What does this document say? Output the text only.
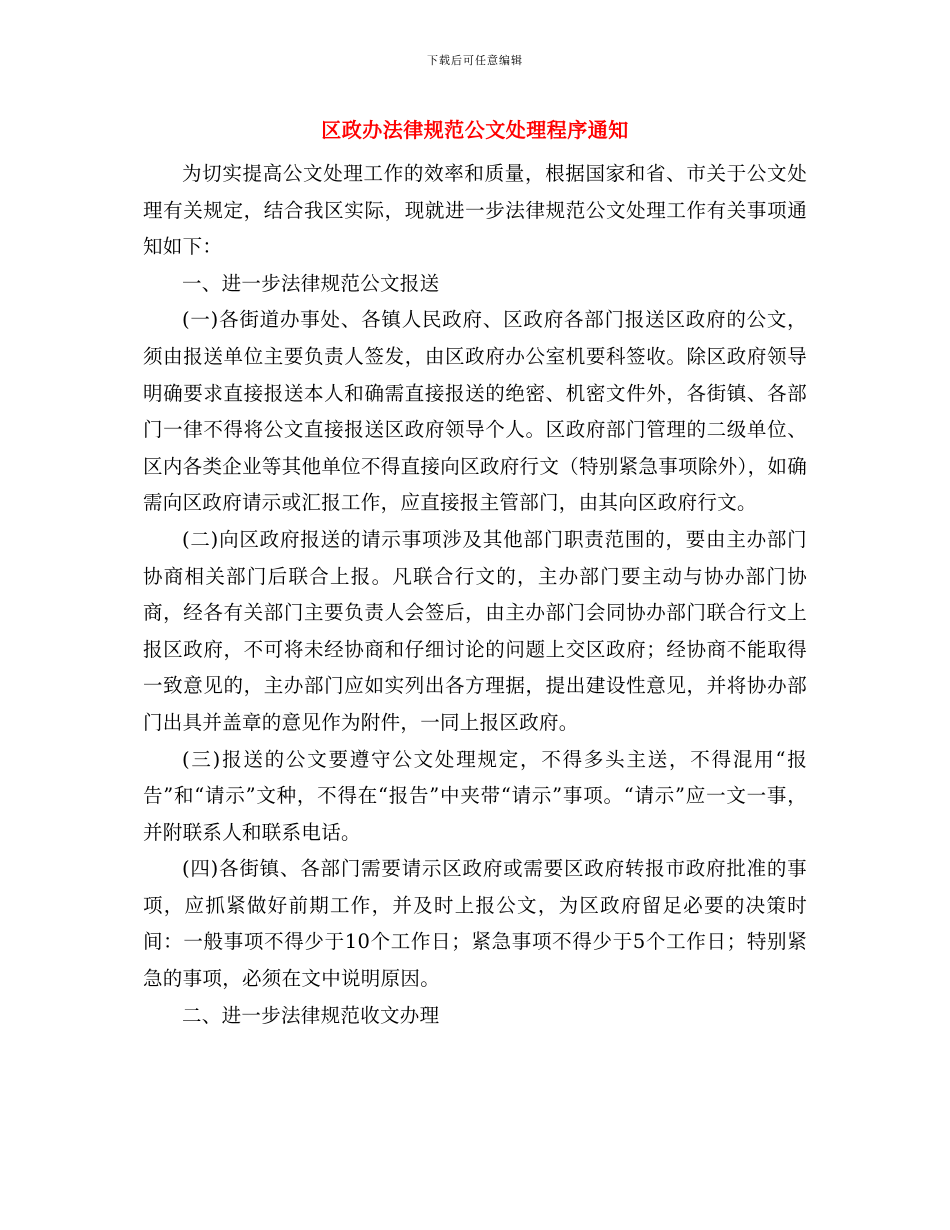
下载后可任意编辑
区政办法律规范公文处理程序通知

为切实提高公文处理工作的效率和质量，根据国家和省、市关于公文处理有关规定，结合我区实际，现就进一步法律规范公文处理工作有关事项通知如下：

一、进一步法律规范公文报送

(一)各街道办事处、各镇人民政府、区政府各部门报送区政府的公文，须由报送单位主要负责人签发，由区政府办公室机要科签收。除区政府领导明确要求直接报送本人和确需直接报送的绝密、机密文件外，各街镇、各部门一律不得将公文直接报送区政府领导个人。区政府部门管理的二级单位、区内各类企业等其他单位不得直接向区政府行文（特别紧急事项除外），如确需向区政府请示或汇报工作，应直接报主管部门，由其向区政府行文。

(二)向区政府报送的请示事项涉及其他部门职责范围的，要由主办部门协商相关部门后联合上报。凡联合行文的，主办部门要主动与协办部门协商，经各有关部门主要负责人会签后，由主办部门会同协办部门联合行文上报区政府，不可将未经协商和仔细讨论的问题上交区政府；经协商不能取得一致意见的，主办部门应如实列出各方理据，提出建设性意见，并将协办部门出具并盖章的意见作为附件，一同上报区政府。

(三)报送的公文要遵守公文处理规定，不得多头主送，不得混用“报告”和“请示”文种，不得在“报告”中夹带“请示”事项。“请示”应一文一事，并附联系人和联系电话。

(四)各街镇、各部门需要请示区政府或需要区政府转报市政府批准的事项，应抓紧做好前期工作，并及时上报公文，为区政府留足必要的决策时间：一般事项不得少于10个工作日；紧急事项不得少于5个工作日；特别紧急的事项，必须在文中说明原因。

二、进一步法律规范收文办理
